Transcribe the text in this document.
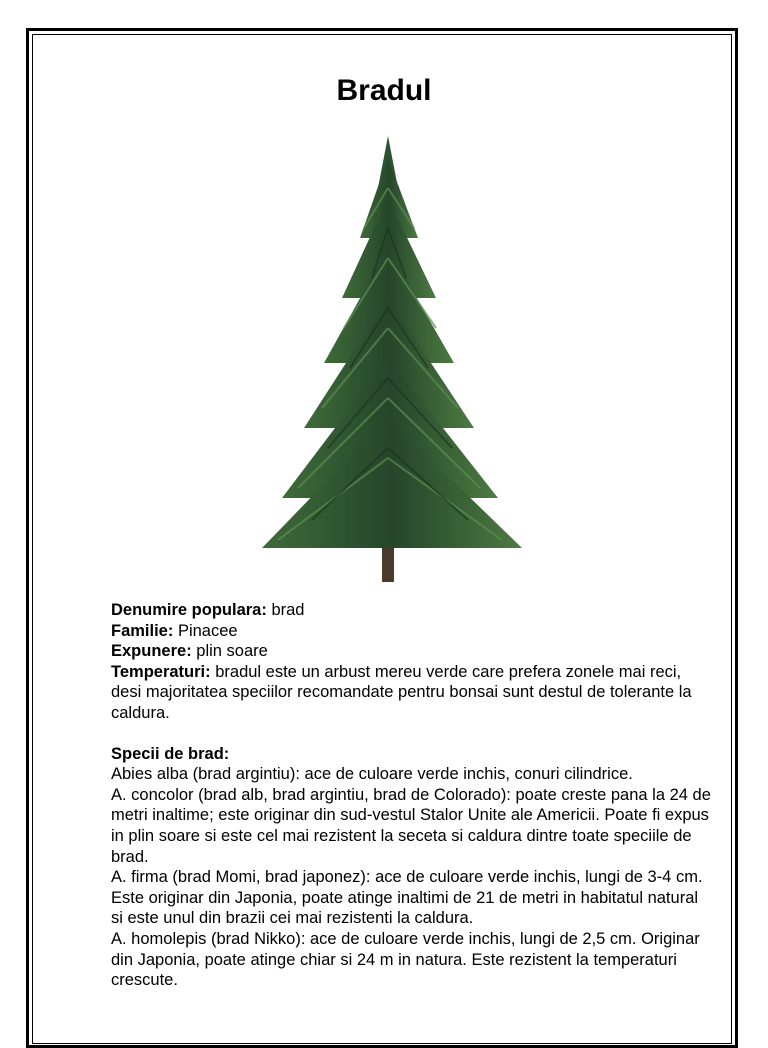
Bradul

Denumire populara: brad

Familie: Pinacee

Expunere: plin soare

Temperaturi: bradul este un arbust mereu verde care prefera zonele mai reci, desi majoritatea speciilor recomandate pentru bonsai sunt destul de tolerante la caldura.

Specii de brad:

Abies alba (brad argintiu): ace de culoare verde inchis, conuri cilindrice.

A. concolor (brad alb, brad argintiu, brad de Colorado): poate creste pana la 24 de metri inaltime; este originar din sud-vestul Stalor Unite ale Americii. Poate fi expus in plin soare si este cel mai rezistent la seceta si caldura dintre toate speciile de brad.

A. firma (brad Momi, brad japonez): ace de culoare verde inchis, lungi de 3-4 cm. Este originar din Japonia, poate atinge inaltimi de 21 de metri in habitatul natural si este unul din brazii cei mai rezistenti la caldura.

A. homolepis (brad Nikko): ace de culoare verde inchis, lungi de 2,5 cm. Originar din Japonia, poate atinge chiar si 24 m in natura. Este rezistent la temperaturi crescute.
